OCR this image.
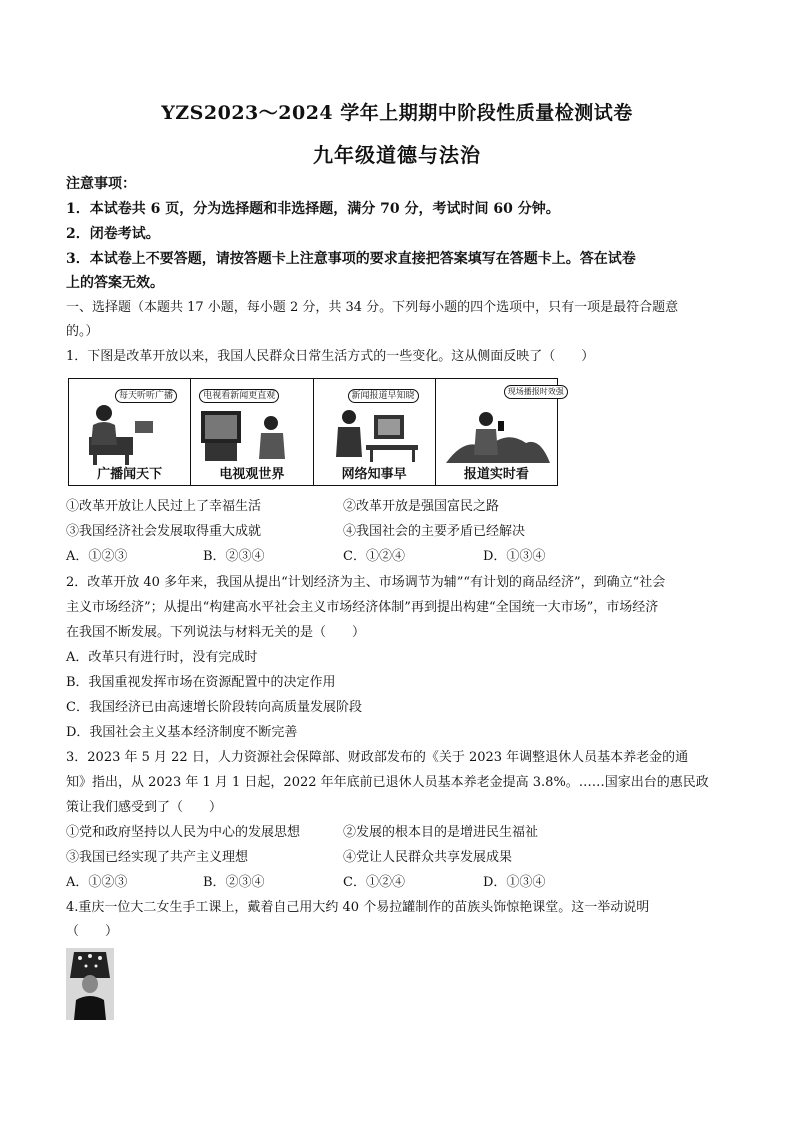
YZS2023～2024 学年上期期中阶段性质量检测试卷
九年级道德与法治
注意事项：
1．本试卷共 6 页，分为选择题和非选择题，满分 70 分，考试时间 60 分钟。
2．闭卷考试。
3．本试卷上不要答题，请按答题卡上注意事项的要求直接把答案填写在答题卡上。答在试卷
上的答案无效。
一、选择题（本题共 17 小题，每小题 2 分，共 34 分。下列每小题的四个选项中，只有一项是最符合题意
的。）
1．下图是改革开放以来，我国人民群众日常生活方式的一些变化。这从侧面反映了（　　）
每天听听广播
广播闻天下
电视看新闻更直观
电视观世界
新闻报道早知晓
网络知事早
现场播报时效强
报道实时看
①改革开放让人民过上了幸福生活	②改革开放是强国富民之路
③我国经济社会发展取得重大成就	④我国社会的主要矛盾已经解决
A．①②③	B．②③④	C．①②④	D．①③④
2．改革开放 40 多年来，我国从提出“计划经济为主、市场调节为辅”“有计划的商品经济”，到确立“社会
主义市场经济”；从提出“构建高水平社会主义市场经济体制”再到提出构建“全国统一大市场”，市场经济
在我国不断发展。下列说法与材料无关的是（　　）
A．改革只有进行时，没有完成时
B．我国重视发挥市场在资源配置中的决定作用
C．我国经济已由高速增长阶段转向高质量发展阶段
D．我国社会主义基本经济制度不断完善
3．2023 年 5 月 22 日，人力资源社会保障部、财政部发布的《关于 2023 年调整退休人员基本养老金的通
知》指出，从 2023 年 1 月 1 日起，2022 年年底前已退休人员基本养老金提高 3.8%。……国家出台的惠民政
策让我们感受到了（　　）
①党和政府坚持以人民为中心的发展思想	②发展的根本目的是增进民生福祉
③我国已经实现了共产主义理想	④党让人民群众共享发展成果
A．①②③	B．②③④	C．①②④	D．①③④
4.重庆一位大二女生手工课上，戴着自己用大约 40 个易拉罐制作的苗族头饰惊艳课堂。这一举动说明
（　　）
